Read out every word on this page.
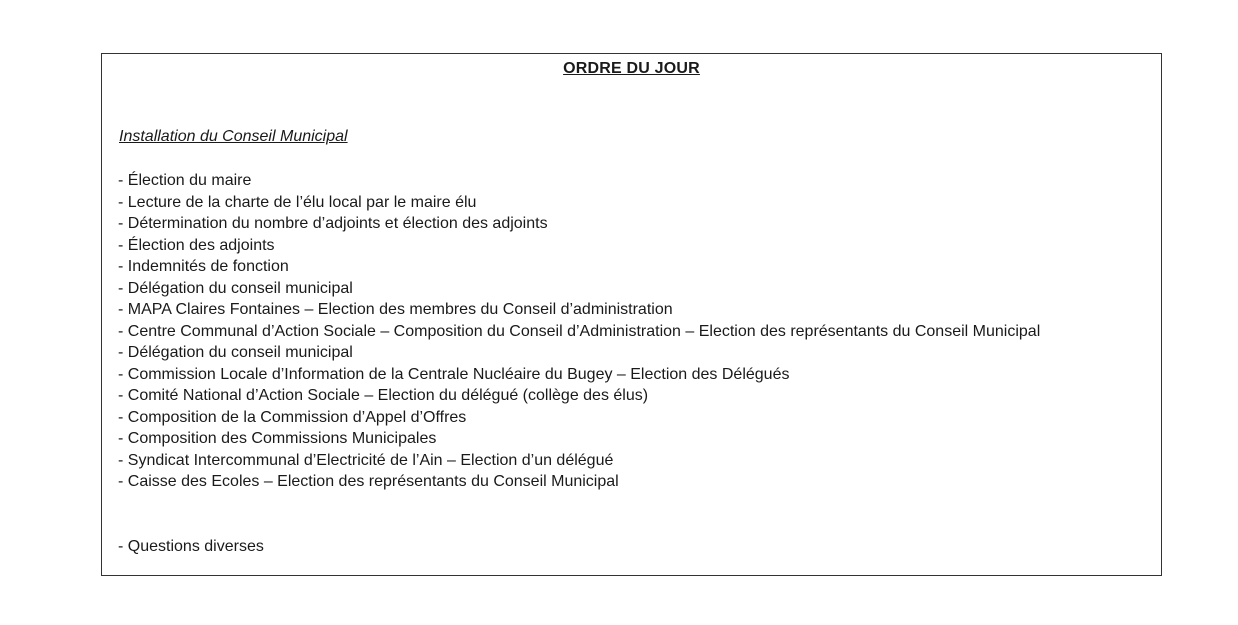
ORDRE DU JOUR
Installation du Conseil Municipal
- Élection du maire
- Lecture de la charte de l’élu local par le maire élu
- Détermination du nombre d’adjoints et élection des adjoints
- Élection des adjoints
- Indemnités de fonction
- Délégation du conseil municipal
- MAPA Claires Fontaines – Election des membres du Conseil d’administration
- Centre Communal d’Action Sociale – Composition du Conseil d’Administration – Election des représentants du Conseil Municipal
- Délégation du conseil municipal
- Commission Locale d’Information de la Centrale Nucléaire du Bugey – Election des Délégués
- Comité National d’Action Sociale – Election du délégué (collège des élus)
- Composition de la Commission d’Appel d’Offres
- Composition des Commissions Municipales
- Syndicat Intercommunal d’Electricité de l’Ain – Election d’un délégué
- Caisse des Ecoles – Election des représentants du Conseil Municipal
- Questions diverses
